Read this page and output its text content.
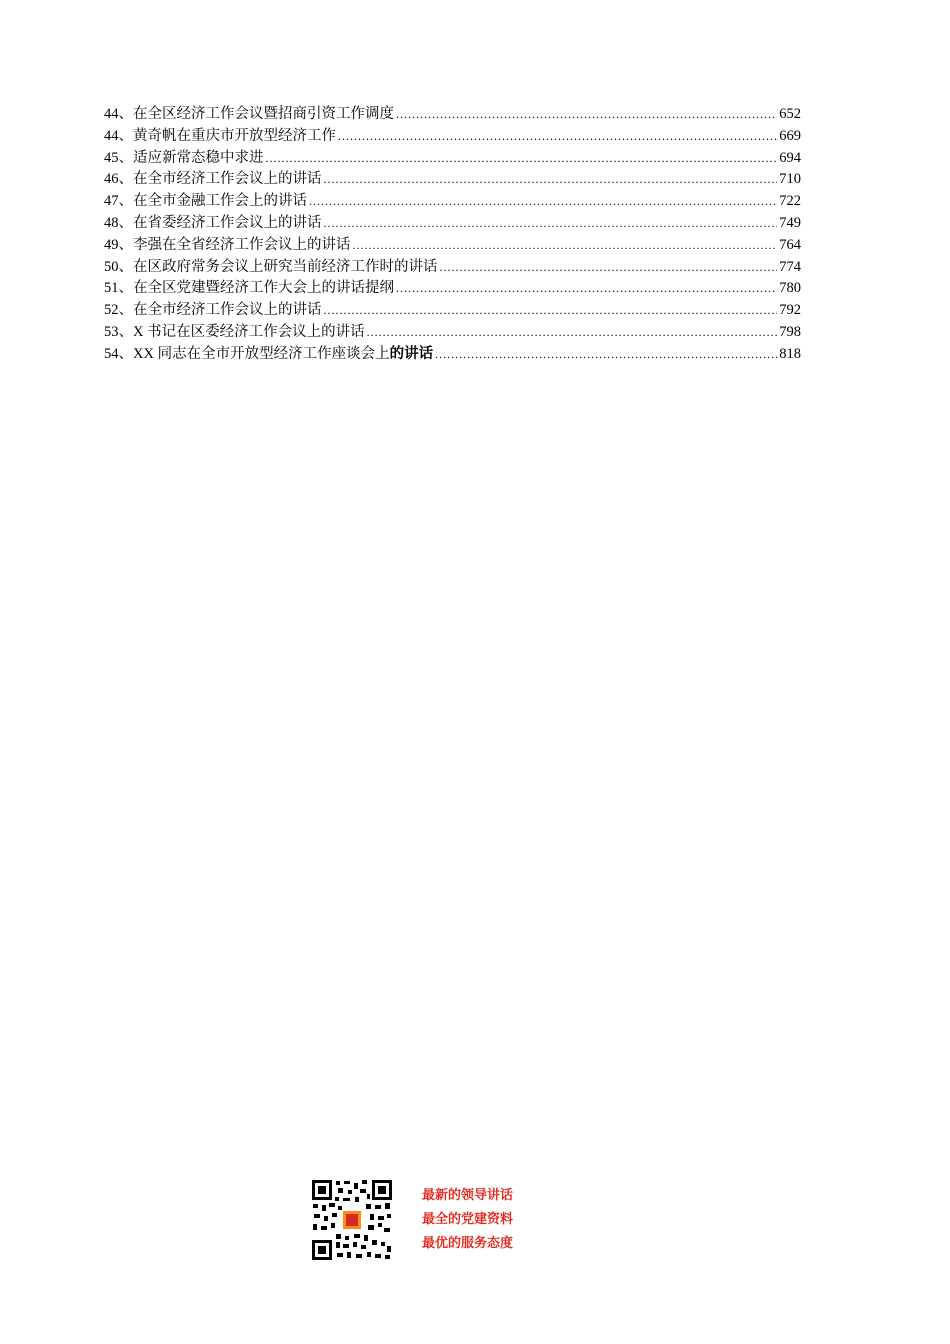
44、 在全区经济工作会议暨招商引资工作调度 .....	652
44、 黄奇帆在重庆市开放型经济工作 .....	669
45、 适应新常态稳中求进 .....	694
46、 在全市经济工作会议上的讲话 .....	710
47、 在全市金融工作会上的讲话 .....	722
48、 在省委经济工作会议上的讲话 .....	749
49、 李强在全省经济工作会议上的讲话 .....	764
50、 在区政府常务会议上研究当前经济工作时的讲话 .....	774
51、 在全区党建暨经济工作大会上的讲话提纲 .....	780
52、 在全市经济工作会议上的讲话 .....	792
53、 X 书记在区委经济工作会议上的讲话 .....	798
54、 XX 同志在全市开放型经济工作座谈会上的讲话 .....	818
最新的领导讲话
最全的党建资料
最优的服务态度
